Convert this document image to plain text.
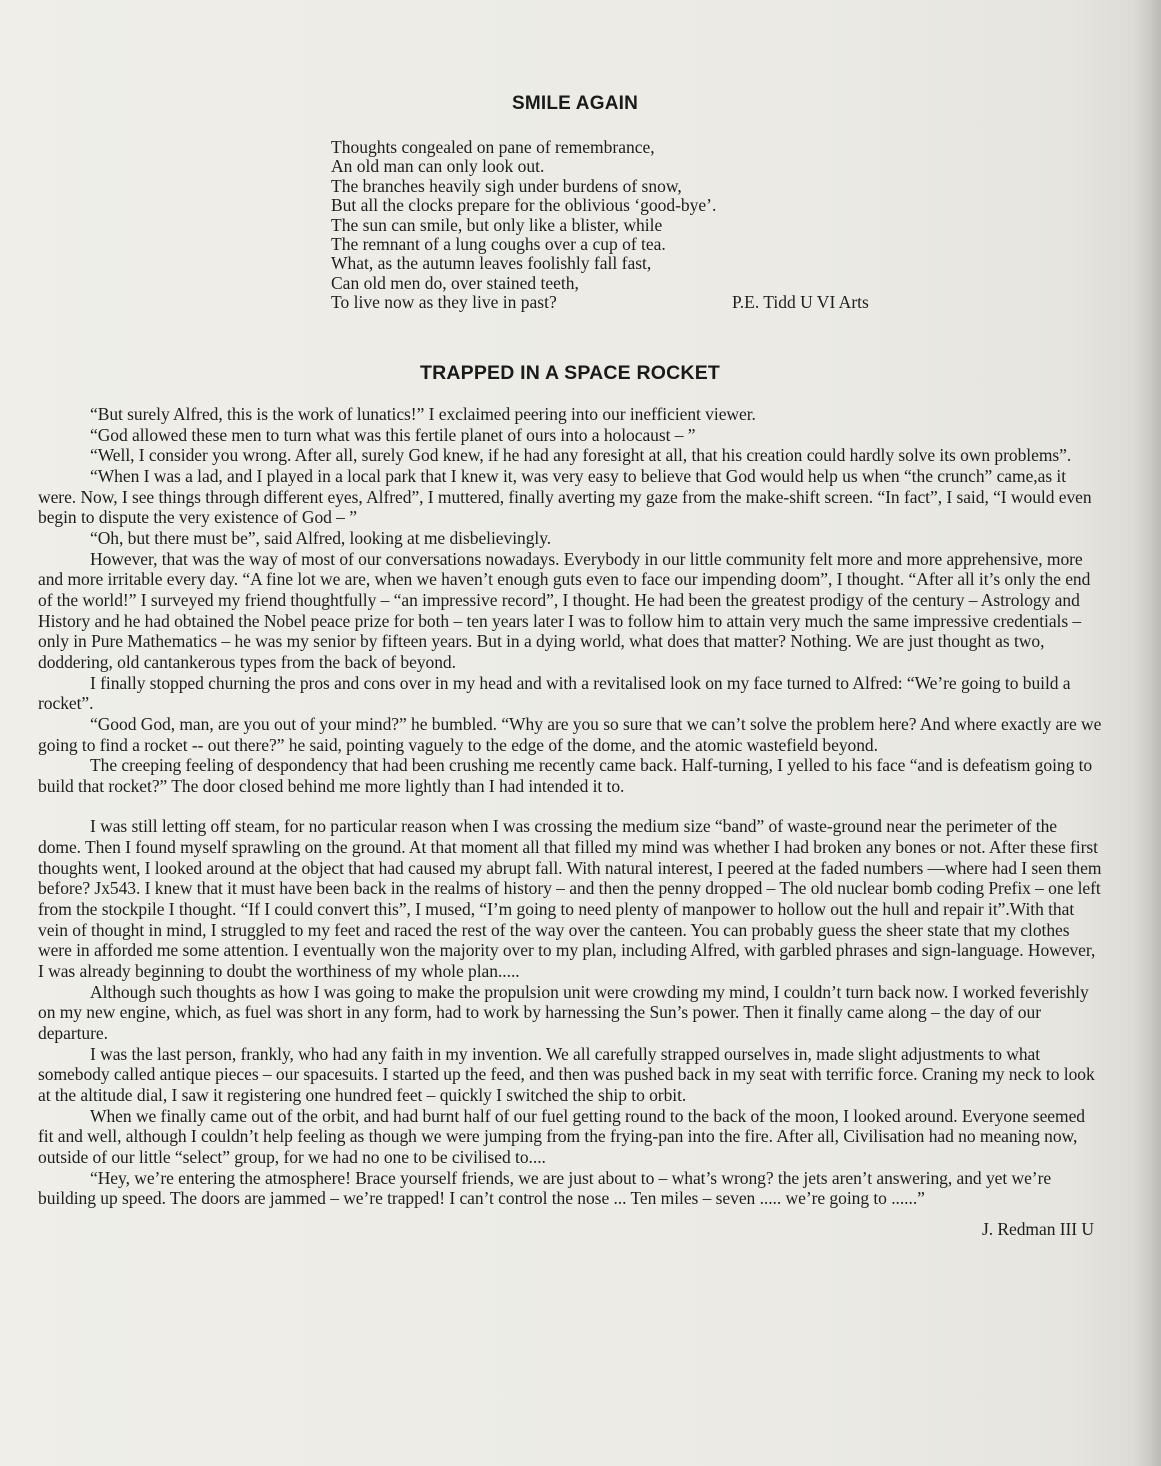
SMILE AGAIN
Thoughts congealed on pane of remembrance,
An old man can only look out.
The branches heavily sigh under burdens of snow,
But all the clocks prepare for the oblivious ‘good-bye’.
The sun can smile, but only like a blister, while
The remnant of a lung coughs over a cup of tea.
What, as the autumn leaves foolishly fall fast,
Can old men do, over stained teeth,
To live now as they live in past?	P.E. Tidd U VI Arts
TRAPPED IN A SPACE ROCKET

“But surely Alfred, this is the work of lunatics!” I exclaimed peering into our inefficient viewer.

“God allowed these men to turn what was this fertile planet of ours into a holocaust – ”

“Well, I consider you wrong. After all, surely God knew, if he had any foresight at all, that his creation could hardly solve its own problems”.

“When I was a lad, and I played in a local park that I knew it, was very easy to believe that God would help us when “the crunch” came,as it were. Now, I see things through different eyes, Alfred”, I muttered, finally averting my gaze from the make-shift screen. “In fact”, I said, “I would even begin to dispute the very existence of God – ”

“Oh, but there must be”, said Alfred, looking at me disbelievingly.

However, that was the way of most of our conversations nowadays. Everybody in our little community felt more and more apprehensive, more and more irritable every day. “A fine lot we are, when we haven’t enough guts even to face our impending doom”, I thought. “After all it’s only the end of the world!” I surveyed my friend thoughtfully – “an impressive record”, I thought. He had been the greatest prodigy of the century – Astrology and History and he had obtained the Nobel peace prize for both – ten years later I was to follow him to attain very much the same impressive credentials – only in Pure Mathematics – he was my senior by fifteen years. But in a dying world, what does that matter? Nothing. We are just thought as two, doddering, old cantankerous types from the back of beyond.

I finally stopped churning the pros and cons over in my head and with a revitalised look on my face turned to Alfred: “We’re going to build a rocket”.

“Good God, man, are you out of your mind?” he bumbled. “Why are you so sure that we can’t solve the problem here? And where exactly are we going to find a rocket -- out there?” he said, pointing vaguely to the edge of the dome, and the atomic wastefield beyond.

The creeping feeling of despondency that had been crushing me recently came back. Half-turning, I yelled to his face “and is defeatism going to build that rocket?” The door closed behind me more lightly than I had intended it to.

I was still letting off steam, for no particular reason when I was crossing the medium size “band” of waste-ground near the perimeter of the dome. Then I found myself sprawling on the ground. At that moment all that filled my mind was whether I had broken any bones or not. After these first thoughts went, I looked around at the object that had caused my abrupt fall. With natural interest, I peered at the faded numbers —where had I seen them before? Jx543. I knew that it must have been back in the realms of history – and then the penny dropped – The old nuclear bomb coding Prefix – one left from the stockpile I thought. “If I could convert this”, I mused, “I’m going to need plenty of manpower to hollow out the hull and repair it”.With that vein of thought in mind, I struggled to my feet and raced the rest of the way over the canteen. You can probably guess the sheer state that my clothes were in afforded me some attention. I eventually won the majority over to my plan, including Alfred, with garbled phrases and sign-language. However, I was already beginning to doubt the worthiness of my whole plan.....

Although such thoughts as how I was going to make the propulsion unit were crowding my mind, I couldn’t turn back now. I worked feverishly on my new engine, which, as fuel was short in any form, had to work by harnessing the Sun’s power. Then it finally came along – the day of our departure.

I was the last person, frankly, who had any faith in my invention. We all carefully strapped ourselves in, made slight adjustments to what somebody called antique pieces – our spacesuits. I started up the feed, and then was pushed back in my seat with terrific force. Craning my neck to look at the altitude dial, I saw it registering one hundred feet – quickly I switched the ship to orbit.

When we finally came out of the orbit, and had burnt half of our fuel getting round to the back of the moon, I looked around. Everyone seemed fit and well, although I couldn’t help feeling as though we were jumping from the frying-pan into the fire. After all, Civilisation had no meaning now, outside of our little “select” group, for we had no one to be civilised to....

“Hey, we’re entering the atmosphere! Brace yourself friends, we are just about to – what’s wrong? the jets aren’t answering, and yet we’re building up speed. The doors are jammed – we’re trapped! I can’t control the nose ... Ten miles – seven ..... we’re going to ......”

J. Redman III U
